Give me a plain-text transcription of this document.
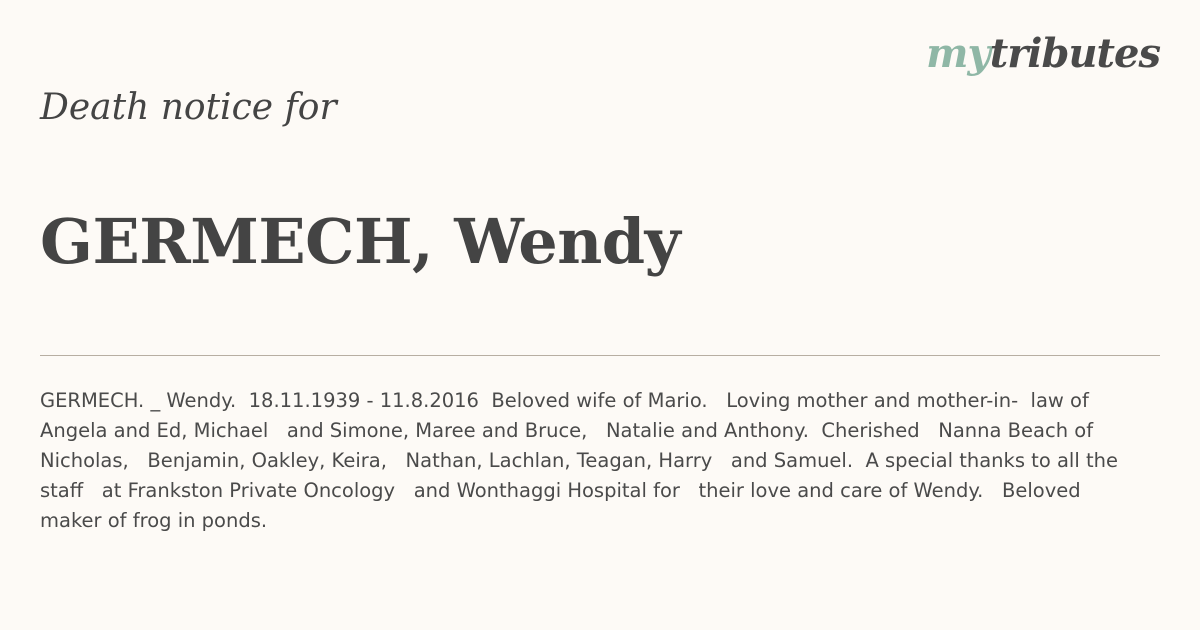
mytributes
Death notice for
GERMECH, Wendy

GERMECH. _ Wendy.  18.11.1939 - 11.8.2016  Beloved wife of Mario.   Loving mother and mother-in-  law of Angela and Ed, Michael   and Simone, Maree and Bruce,   Natalie and Anthony.  Cherished   Nanna Beach of Nicholas,   Benjamin, Oakley, Keira,   Nathan, Lachlan, Teagan, Harry   and Samuel.  A special thanks to all the staff   at Frankston Private Oncology   and Wonthaggi Hospital for   their love and care of Wendy.   Beloved maker of frog in ponds.
